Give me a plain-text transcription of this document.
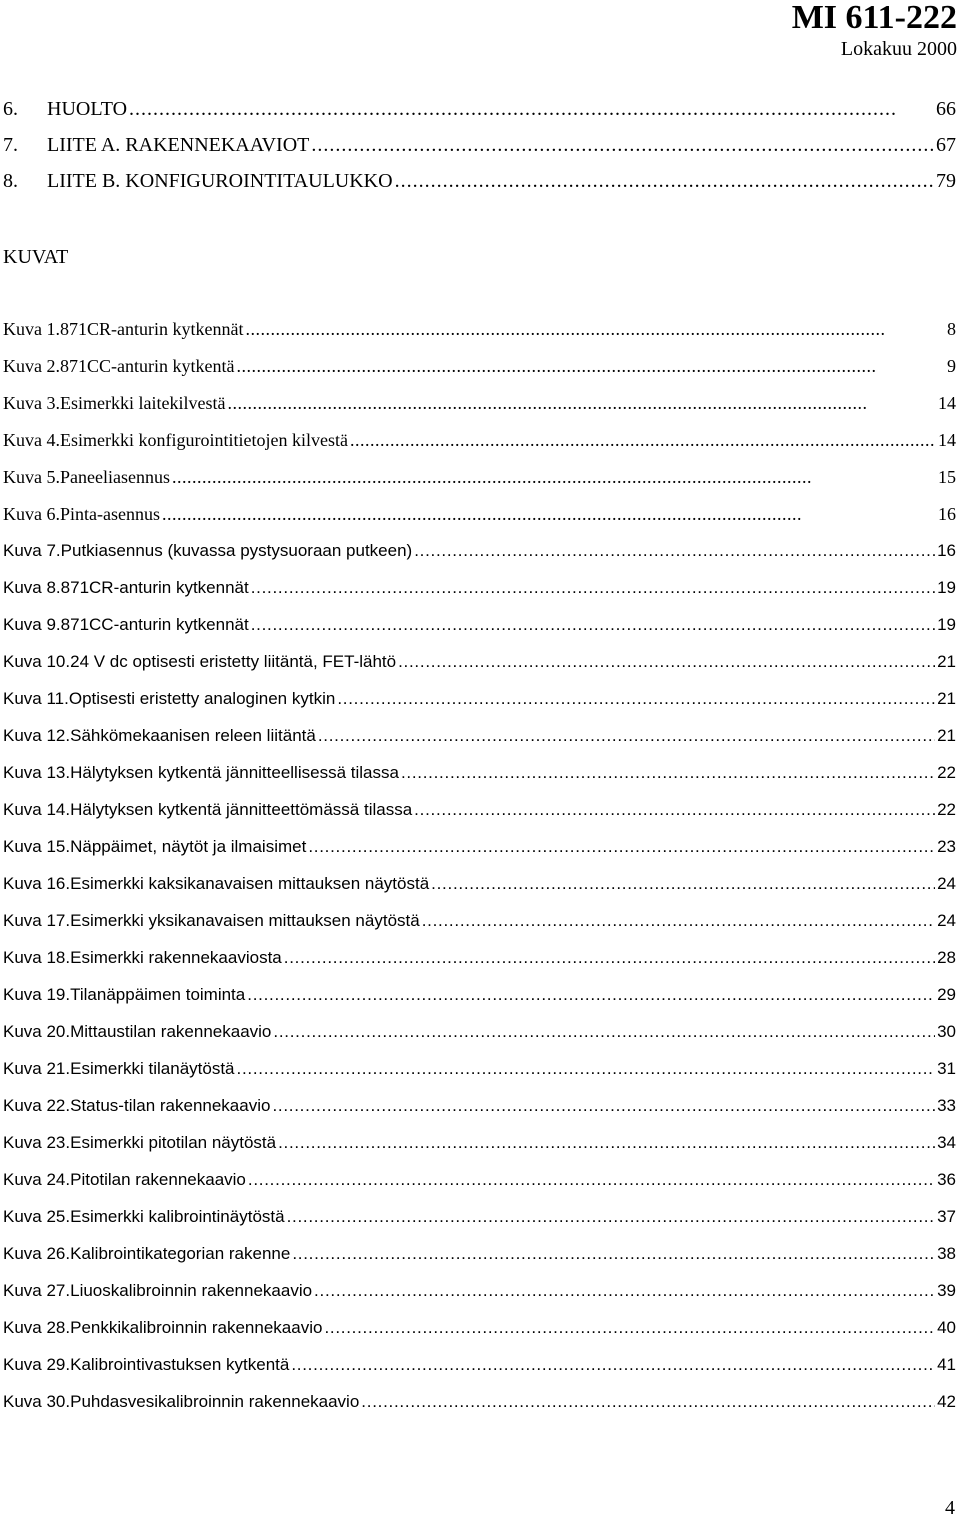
MI 611-222
Lokakuu 2000
6.	HUOLTO . . .	66
7.	LIITE A. RAKENNEKAAVIOT . . .	67
8.	LIITE B. KONFIGUROINTITAULUKKO . . .	79
KUVAT
Kuva 1. 871CR-anturin kytkennät . . .	8
Kuva 2. 871CC-anturin kytkentä . . .	9
Kuva 3. Esimerkki laitekilvestä . . .	14
Kuva 4. Esimerkki konfigurointitietojen kilvestä . . .	14
Kuva 5. Paneeliasennus . . .	15
Kuva 6. Pinta-asennus . . .	16
Kuva 7. Putkiasennus (kuvassa pystysuoraan putkeen) . . .	16
Kuva 8. 871CR-anturin kytkennät . . .	19
Kuva 9. 871CC-anturin kytkennät . . .	19
Kuva 10. 24 V dc optisesti eristetty liitäntä, FET-lähtö . . .	21
Kuva 11. Optisesti eristetty analoginen kytkin . . .	21
Kuva 12. Sähkömekaanisen releen liitäntä . . .	21
Kuva 13. Hälytyksen kytkentä jännitteellisessä tilassa . . .	22
Kuva 14. Hälytyksen kytkentä jännitteettömässä tilassa . . .	22
Kuva 15. Näppäimet, näytöt ja ilmaisimet . . .	23
Kuva 16. Esimerkki kaksikanavaisen mittauksen näytöstä . . .	24
Kuva 17. Esimerkki yksikanavaisen mittauksen näytöstä . . .	24
Kuva 18. Esimerkki rakennekaaviosta . . .	28
Kuva 19. Tilanäppäimen toiminta . . .	29
Kuva 20. Mittaustilan rakennekaavio . . .	30
Kuva 21. Esimerkki tilanäytöstä . . .	31
Kuva 22. Status-tilan rakennekaavio . . .	33
Kuva 23. Esimerkki pitotilan näytöstä . . .	34
Kuva 24. Pitotilan rakennekaavio . . .	36
Kuva 25. Esimerkki kalibrointinäytöstä . . .	37
Kuva 26. Kalibrointikategorian rakenne . . .	38
Kuva 27. Liuoskalibroinnin rakennekaavio . . .	39
Kuva 28. Penkkikalibroinnin rakennekaavio . . .	40
Kuva 29. Kalibrointivastuksen kytkentä . . .	41
Kuva 30. Puhdasvesikalibroinnin rakennekaavio . . .	42
4
